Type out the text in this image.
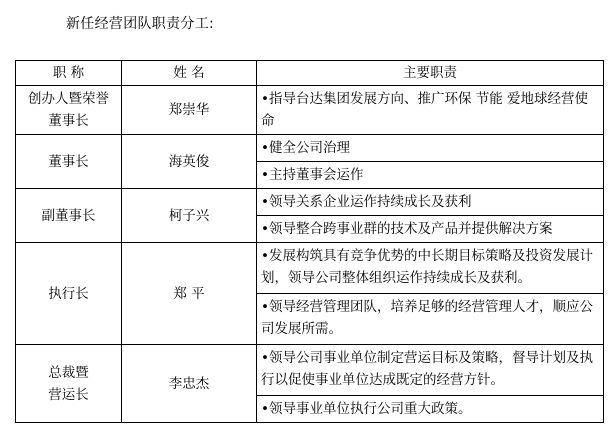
新任经营团队职责分工:
职 称	姓 名	主要职责

创办人暨荣誉
董事长	郑崇华	•指导台达集团发展方向、推广环保 节能 爱地球经营使命
董事长	海英俊	•健全公司治理
		•主持董事会运作
副董事长	柯子兴	•领导关系企业运作持续成长及获利
		•领导整合跨事业群的技术及产品并提供解决方案
执行长	郑 平	•发展构筑具有竞争优势的中长期目标策略及投资发展计划，领导公司整体组织运作持续成长及获利。
		•领导经营管理团队，培养足够的经营管理人才，顺应公司发展所需。

总裁暨
营运长	李忠杰	•领导公司事业单位制定营运目标及策略，督导计划及执行以促使事业单位达成既定的经营方针。
		•领导事业单位执行公司重大政策。
